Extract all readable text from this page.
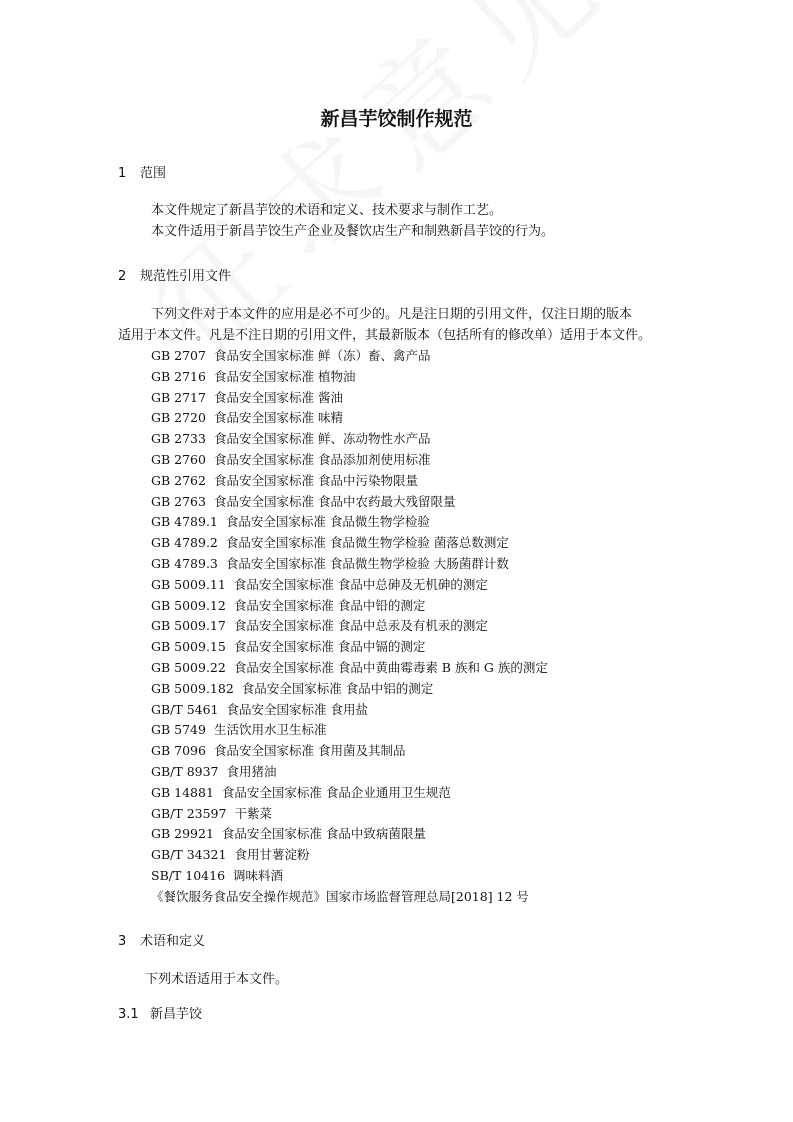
新昌芋饺制作规范
1 范围
本文件规定了新昌芋饺的术语和定义、技术要求与制作工艺。
本文件适用于新昌芋饺生产企业及餐饮店生产和制熟新昌芋饺的行为。
2 规范性引用文件
下列文件对于本文件的应用是必不可少的。凡是注日期的引用文件，仅注日期的版本
适用于本文件。凡是不注日期的引用文件，其最新版本（包括所有的修改单）适用于本文件。
GB 2707 食品安全国家标准 鲜（冻）畜、禽产品
GB 2716 食品安全国家标准 植物油
GB 2717 食品安全国家标准 酱油
GB 2720 食品安全国家标准 味精
GB 2733 食品安全国家标准 鲜、冻动物性水产品
GB 2760 食品安全国家标准 食品添加剂使用标准
GB 2762 食品安全国家标准 食品中污染物限量
GB 2763 食品安全国家标准 食品中农药最大残留限量
GB 4789.1 食品安全国家标准 食品微生物学检验
GB 4789.2 食品安全国家标准 食品微生物学检验 菌落总数测定
GB 4789.3 食品安全国家标准 食品微生物学检验 大肠菌群计数
GB 5009.11 食品安全国家标准 食品中总砷及无机砷的测定
GB 5009.12 食品安全国家标准 食品中铅的测定
GB 5009.17 食品安全国家标准 食品中总汞及有机汞的测定
GB 5009.15 食品安全国家标准 食品中镉的测定
GB 5009.22 食品安全国家标准 食品中黄曲霉毒素 B 族和 G 族的测定
GB 5009.182 食品安全国家标准 食品中铝的测定
GB/T 5461 食品安全国家标准 食用盐
GB 5749 生活饮用水卫生标准
GB 7096 食品安全国家标准 食用菌及其制品
GB/T 8937 食用猪油
GB 14881 食品安全国家标准 食品企业通用卫生规范
GB/T 23597 干紫菜
GB 29921 食品安全国家标准 食品中致病菌限量
GB/T 34321 食用甘薯淀粉
SB/T 10416 调味料酒
《餐饮服务食品安全操作规范》国家市场监督管理总局[2018] 12 号
3 术语和定义
下列术语适用于本文件。
3.1 新昌芋饺
